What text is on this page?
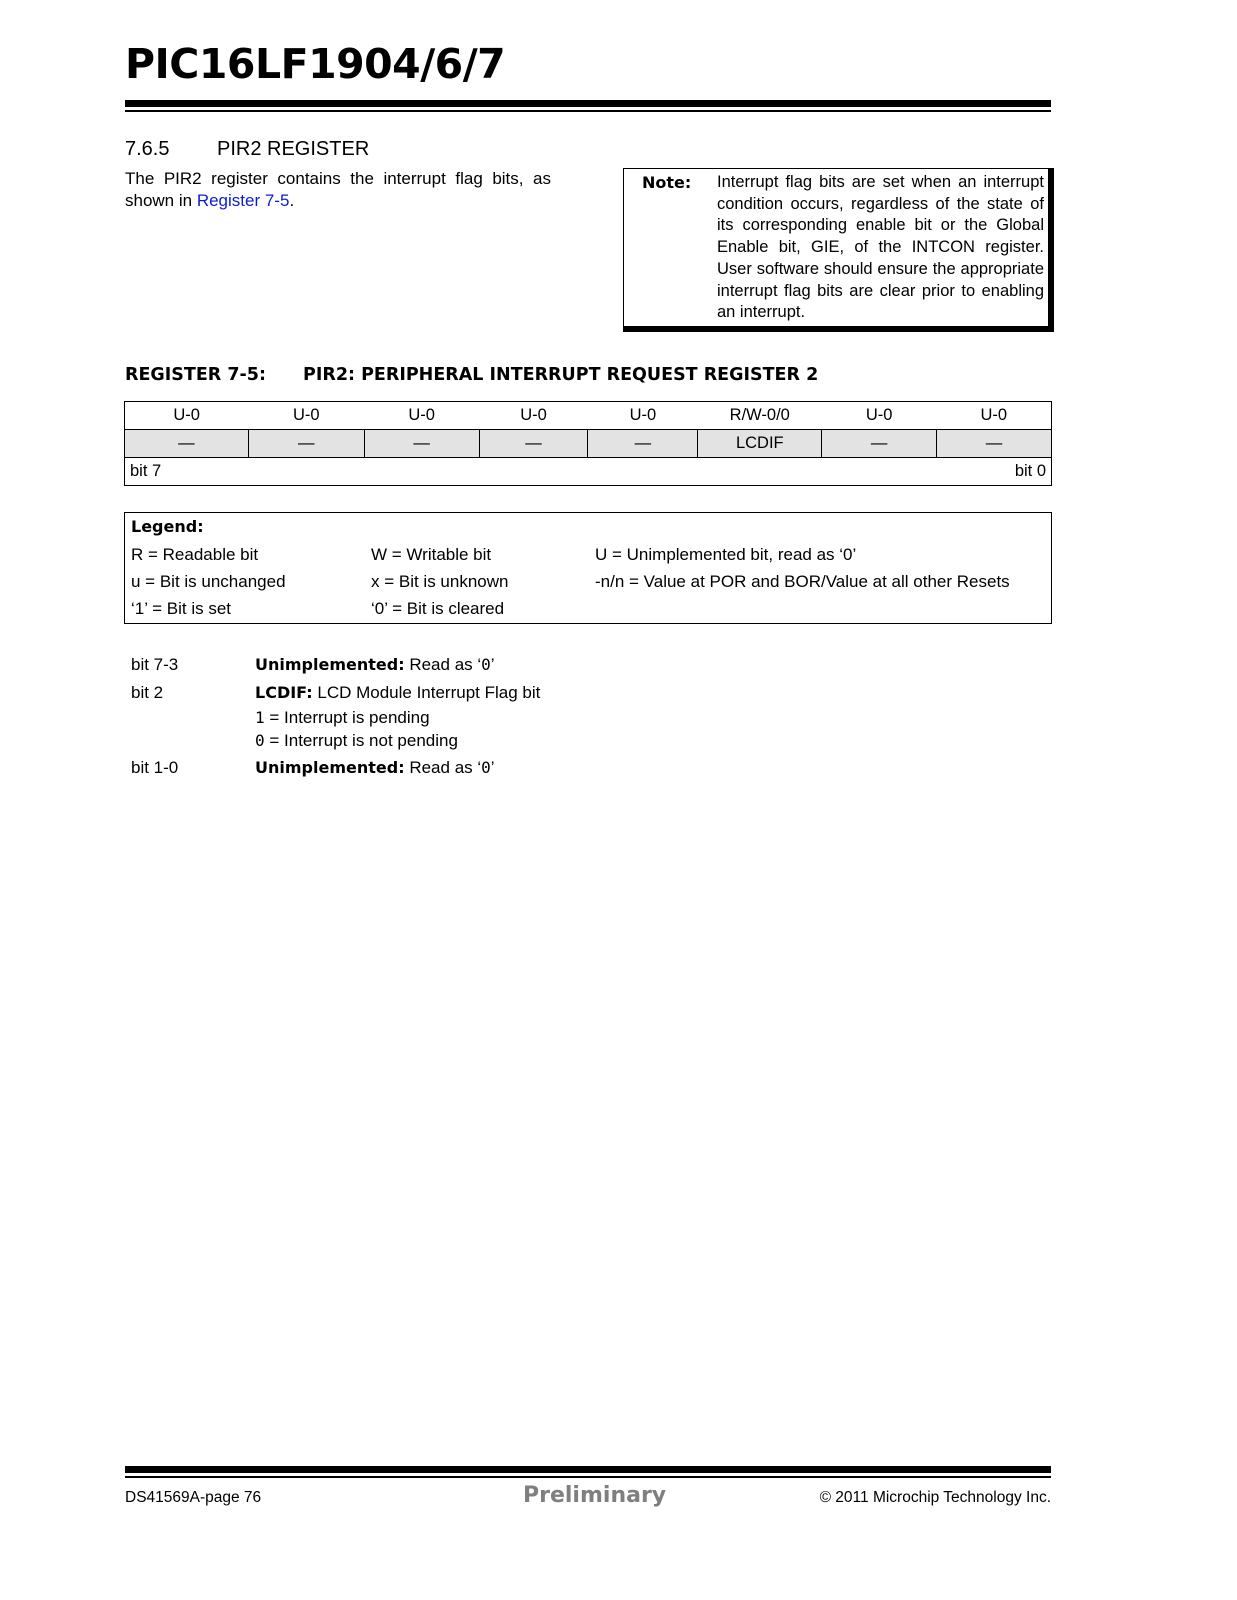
PIC16LF1904/6/7
7.6.5 PIR2 REGISTER
The PIR2 register contains the interrupt flag bits, as shown in Register 7-5.
Note: Interrupt flag bits are set when an interrupt condition occurs, regardless of the state of its corresponding enable bit or the Global Enable bit, GIE, of the INTCON register. User software should ensure the appropriate interrupt flag bits are clear prior to enabling an interrupt.
REGISTER 7-5: PIR2: PERIPHERAL INTERRUPT REQUEST REGISTER 2
U-0	U-0	U-0	U-0	U-0	R/W-0/0	U-0	U-0
—	—	—	—	—	LCDIF	—	—

bit 7 bit 0							
Legend:
R = Readable bit	W = Writable bit	U = Unimplemented bit, read as ‘0’
u = Bit is unchanged	x = Bit is unknown	-n/n = Value at POR and BOR/Value at all other Resets
‘1’ = Bit is set	‘0’ = Bit is cleared
bit 7-3	Unimplemented: Read as ‘0’
bit 2	LCDIF: LCD Module Interrupt Flag bit
1 = Interrupt is pending
0 = Interrupt is not pending
bit 1-0	Unimplemented: Read as ‘0’
DS41569A-page 76	Preliminary	© 2011 Microchip Technology Inc.
